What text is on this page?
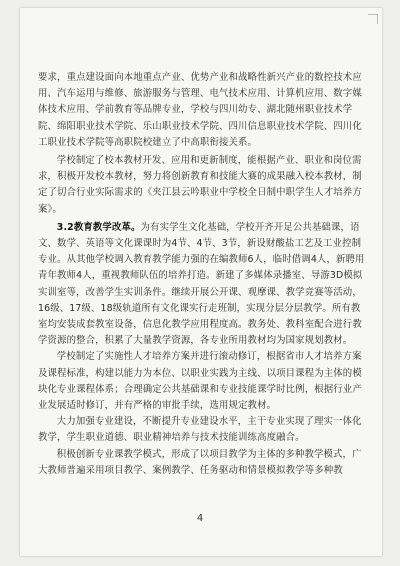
要求，重点建设面向本地重点产业、优势产业和战略性新兴产业的数控技术应用、汽车运用与维修、旅游服务与管理、电气技术应用、计算机应用、数字媒体技术应用、学前教育等品牌专业，学校与四川幼专、湖北随州职业技术学院、绵阳职业技术学院、乐山职业技术学院、四川信息职业技术学院、四川化工职业技术学院等高职院校建立了中高职衔接关系。

学校制定了校本教材开发、应用和更新制度，能根据产业、职业和岗位需求，积极开发校本教材，努力将创新教育和技能大赛的成果融入校本教材，制定了切合行业实际需求的《夹江县云吟职业中学校全日制中职学生人才培养方案》。

3.2教育教学改革。为有实学生文化基础，学校开齐开足公共基础课，语文、数学、英语等文化课课时为4节、4节、3节，新设财酸盐工艺及工业控制专业。从其他学校调入教育教学能力强的在编教师6人，临时借调4人，新聘用青年教师4人，重视教师队伍的培养打造。新建了多媒体录播室、导游3D模拟实训室等，改善学生实训条件。继续开展公开课、观摩课、教学竞赛等活动，16级、17级、18级轨道所有文化课实行走班制，实现分层分层教学。所有教室均安装成套教室设备，信息化教学应用程度高。教务处、教科室配合进行教学资源的整合，积累了大量教学资源，各专业所用教材均为国家规划教材。

学校制定了实施性人才培养方案并进行滚动修订，根据省市人才培养方案及课程标准，构建以能力为本位、以职业实践为主线、以项目课程为主体的模块化专业课程体系；合理确定公共基础课和专业技能课学时比例，根据行业产业发展适时修订，并有严格的审批手续，选用规定教材。

大力加强专业建设，不断提升专业建设水平，主干专业实现了理实一体化教学，学生职业道德、职业精神培养与技术技能训练高度融合。

积极创新专业课教学模式，形成了以项目教学为主体的多种教学模式，广大教师普遍采用项目教学、案例教学、任务驱动和情景模拟教学等多种教

4
